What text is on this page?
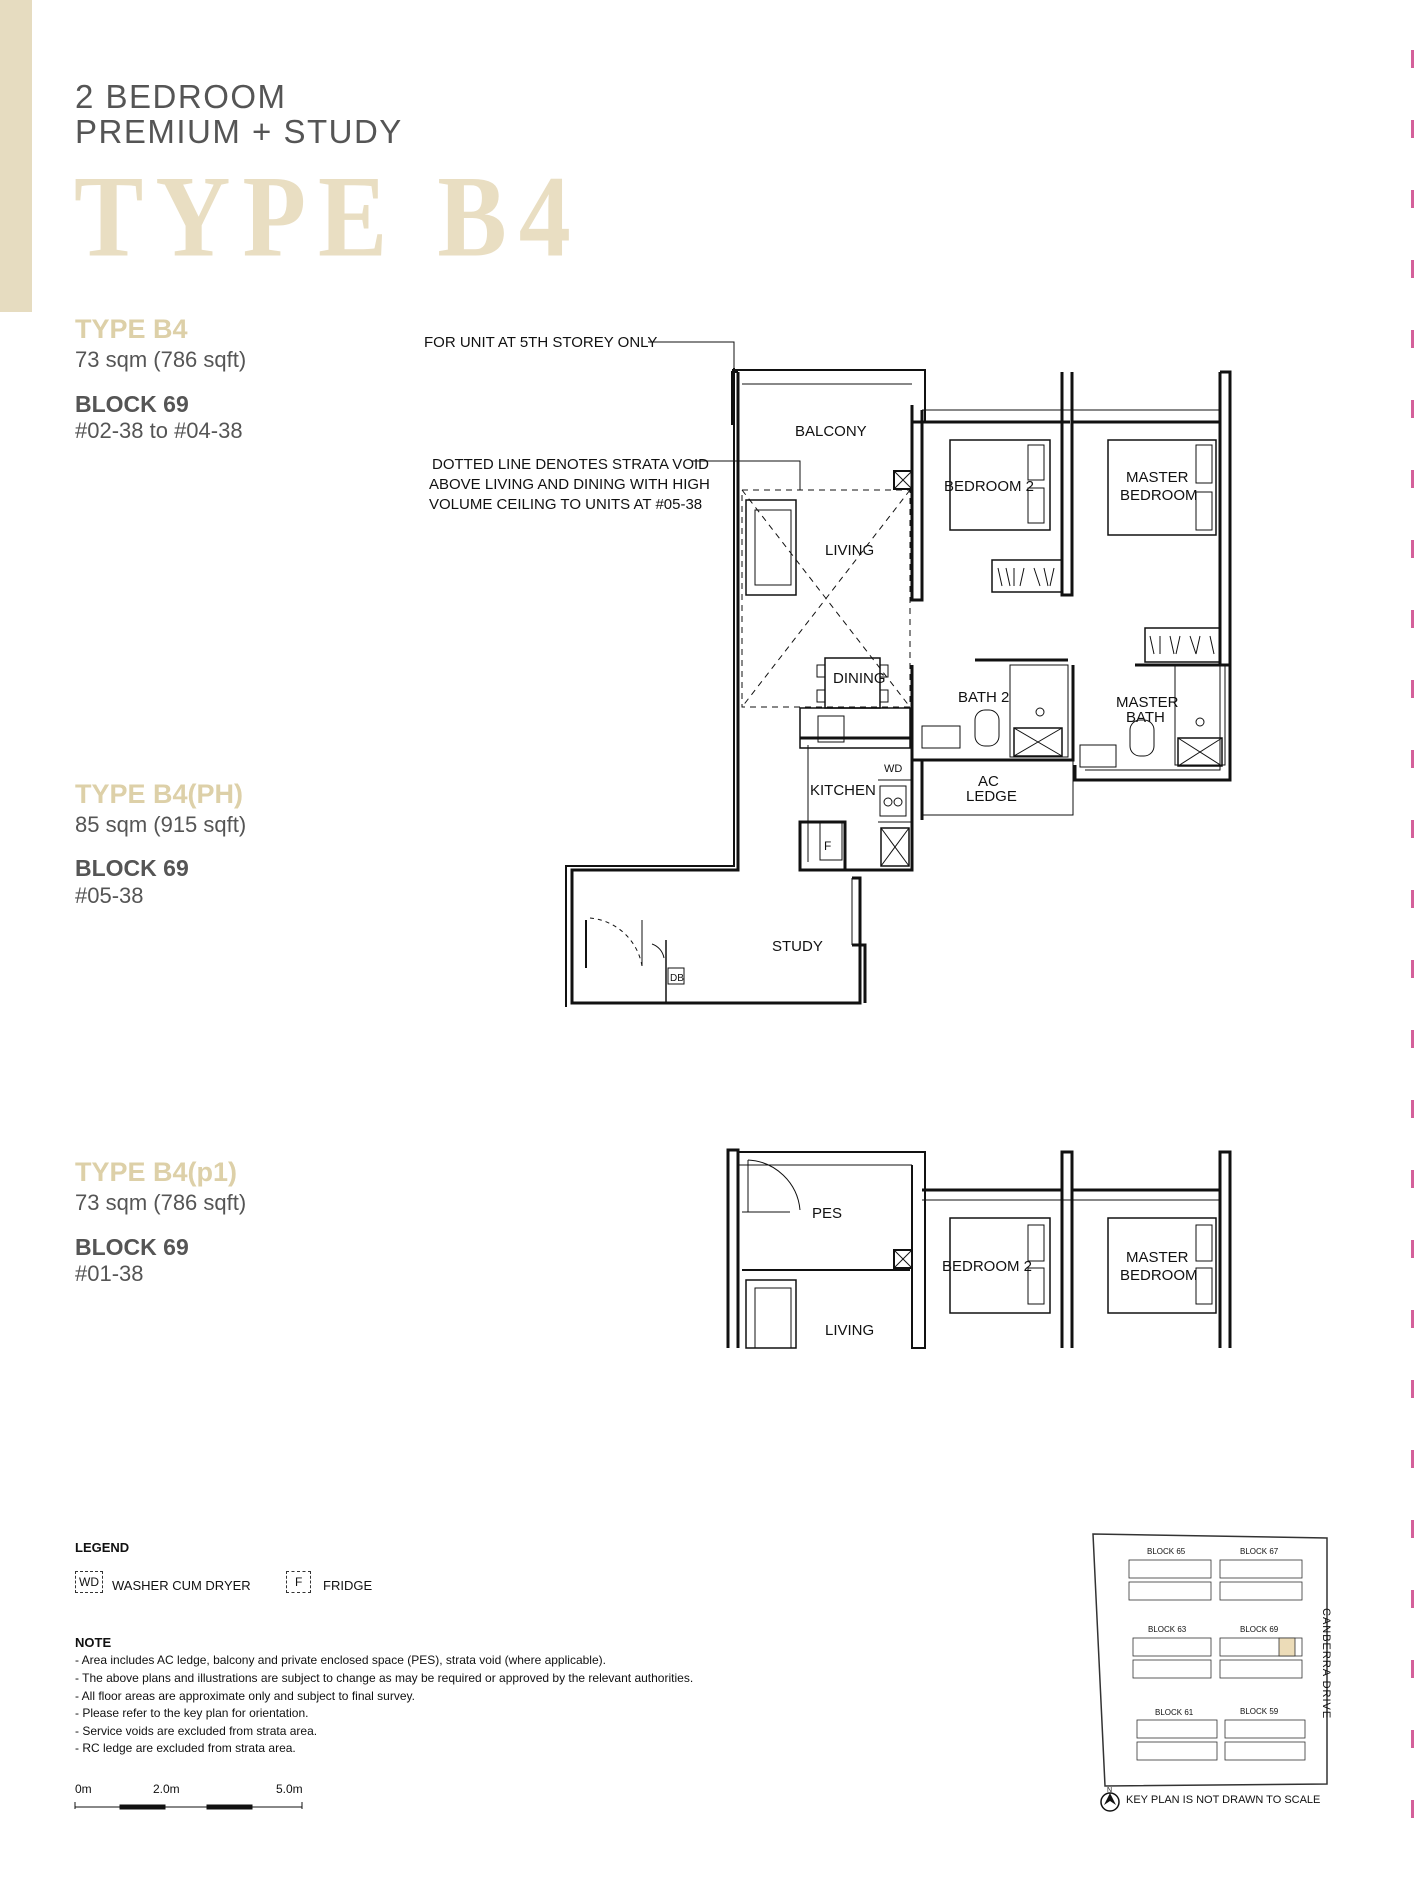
2 BEDROOM
PREMIUM + STUDY
TYPE B4
TYPE B4
73 sqm (786 sqft)
BLOCK 69
#02-38 to #04-38
TYPE B4(PH)
85 sqm (915 sqft)
BLOCK 69
#05-38
TYPE B4(p1)
73 sqm (786 sqft)
BLOCK 69
#01-38
FOR UNIT AT 5TH STOREY ONLY
DOTTED LINE DENOTES STRATA VOID
ABOVE LIVING AND DINING WITH HIGH
VOLUME CEILING TO UNITS AT #05-38
BALCONY
LIVING
DINING
KITCHEN
STUDY
BEDROOM 2
MASTER
BEDROOM
BATH 2	MASTER
BATH
AC
LEDGE
WD
F
DB
PES
LIVING
BEDROOM 2
MASTER
BEDROOM
LEGEND
WD	WASHER CUM DRYER	F	FRIDGE
NOTE
- Area includes AC ledge, balcony and private enclosed space (PES), strata void (where applicable).
- The above plans and illustrations are subject to change as may be required or approved by the relevant authorities.
- All floor areas are approximate only and subject to final survey.
- Please refer to the key plan for orientation.
- Service voids are excluded from strata area.
- RC ledge are excluded from strata area.
0m	2.0m	5.0m
BLOCK 65	BLOCK 67
BLOCK 63	BLOCK 69
BLOCK 61	BLOCK 59
N
CANBERRA DRIVE
KEY PLAN IS NOT DRAWN TO SCALE
